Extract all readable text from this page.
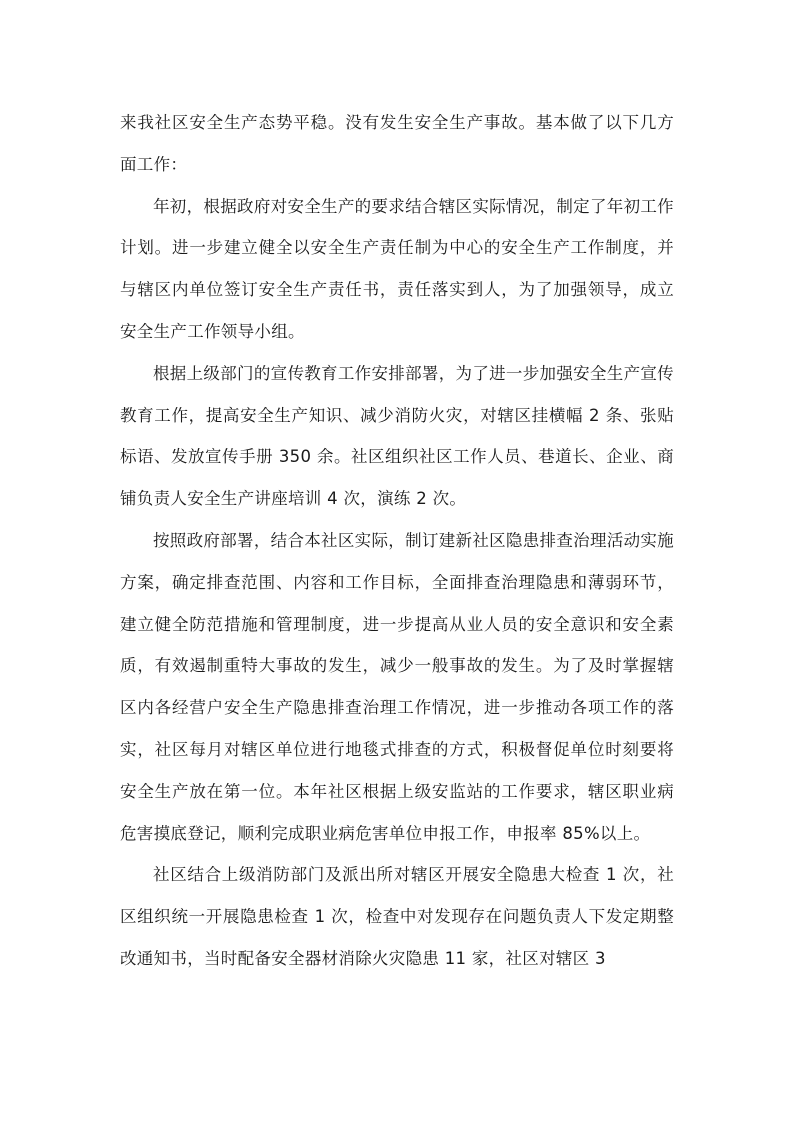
来我社区安全生产态势平稳。没有发生安全生产事故。基本做了以下几方面工作：

年初，根据政府对安全生产的要求结合辖区实际情况，制定了年初工作计划。进一步建立健全以安全生产责任制为中心的安全生产工作制度，并与辖区内单位签订安全生产责任书，责任落实到人，为了加强领导，成立安全生产工作领导小组。

根据上级部门的宣传教育工作安排部署，为了进一步加强安全生产宣传教育工作，提高安全生产知识、减少消防火灾，对辖区挂横幅 2 条、张贴标语、发放宣传手册 350 余。社区组织社区工作人员、巷道长、企业、商铺负责人安全生产讲座培训 4 次，演练 2 次。

按照政府部署，结合本社区实际，制订建新社区隐患排查治理活动实施方案，确定排查范围、内容和工作目标，全面排查治理隐患和薄弱环节，建立健全防范措施和管理制度，进一步提高从业人员的安全意识和安全素质，有效遏制重特大事故的发生，减少一般事故的发生。为了及时掌握辖区内各经营户安全生产隐患排查治理工作情况，进一步推动各项工作的落实，社区每月对辖区单位进行地毯式排查的方式，积极督促单位时刻要将安全生产放在第一位。本年社区根据上级安监站的工作要求，辖区职业病危害摸底登记，顺利完成职业病危害单位申报工作，申报率 85%以上。

社区结合上级消防部门及派出所对辖区开展安全隐患大检查 1 次，社区组织统一开展隐患检查 1 次，检查中对发现存在问题负责人下发定期整改通知书，当时配备安全器材消除火灾隐患 11 家，社区对辖区 3
